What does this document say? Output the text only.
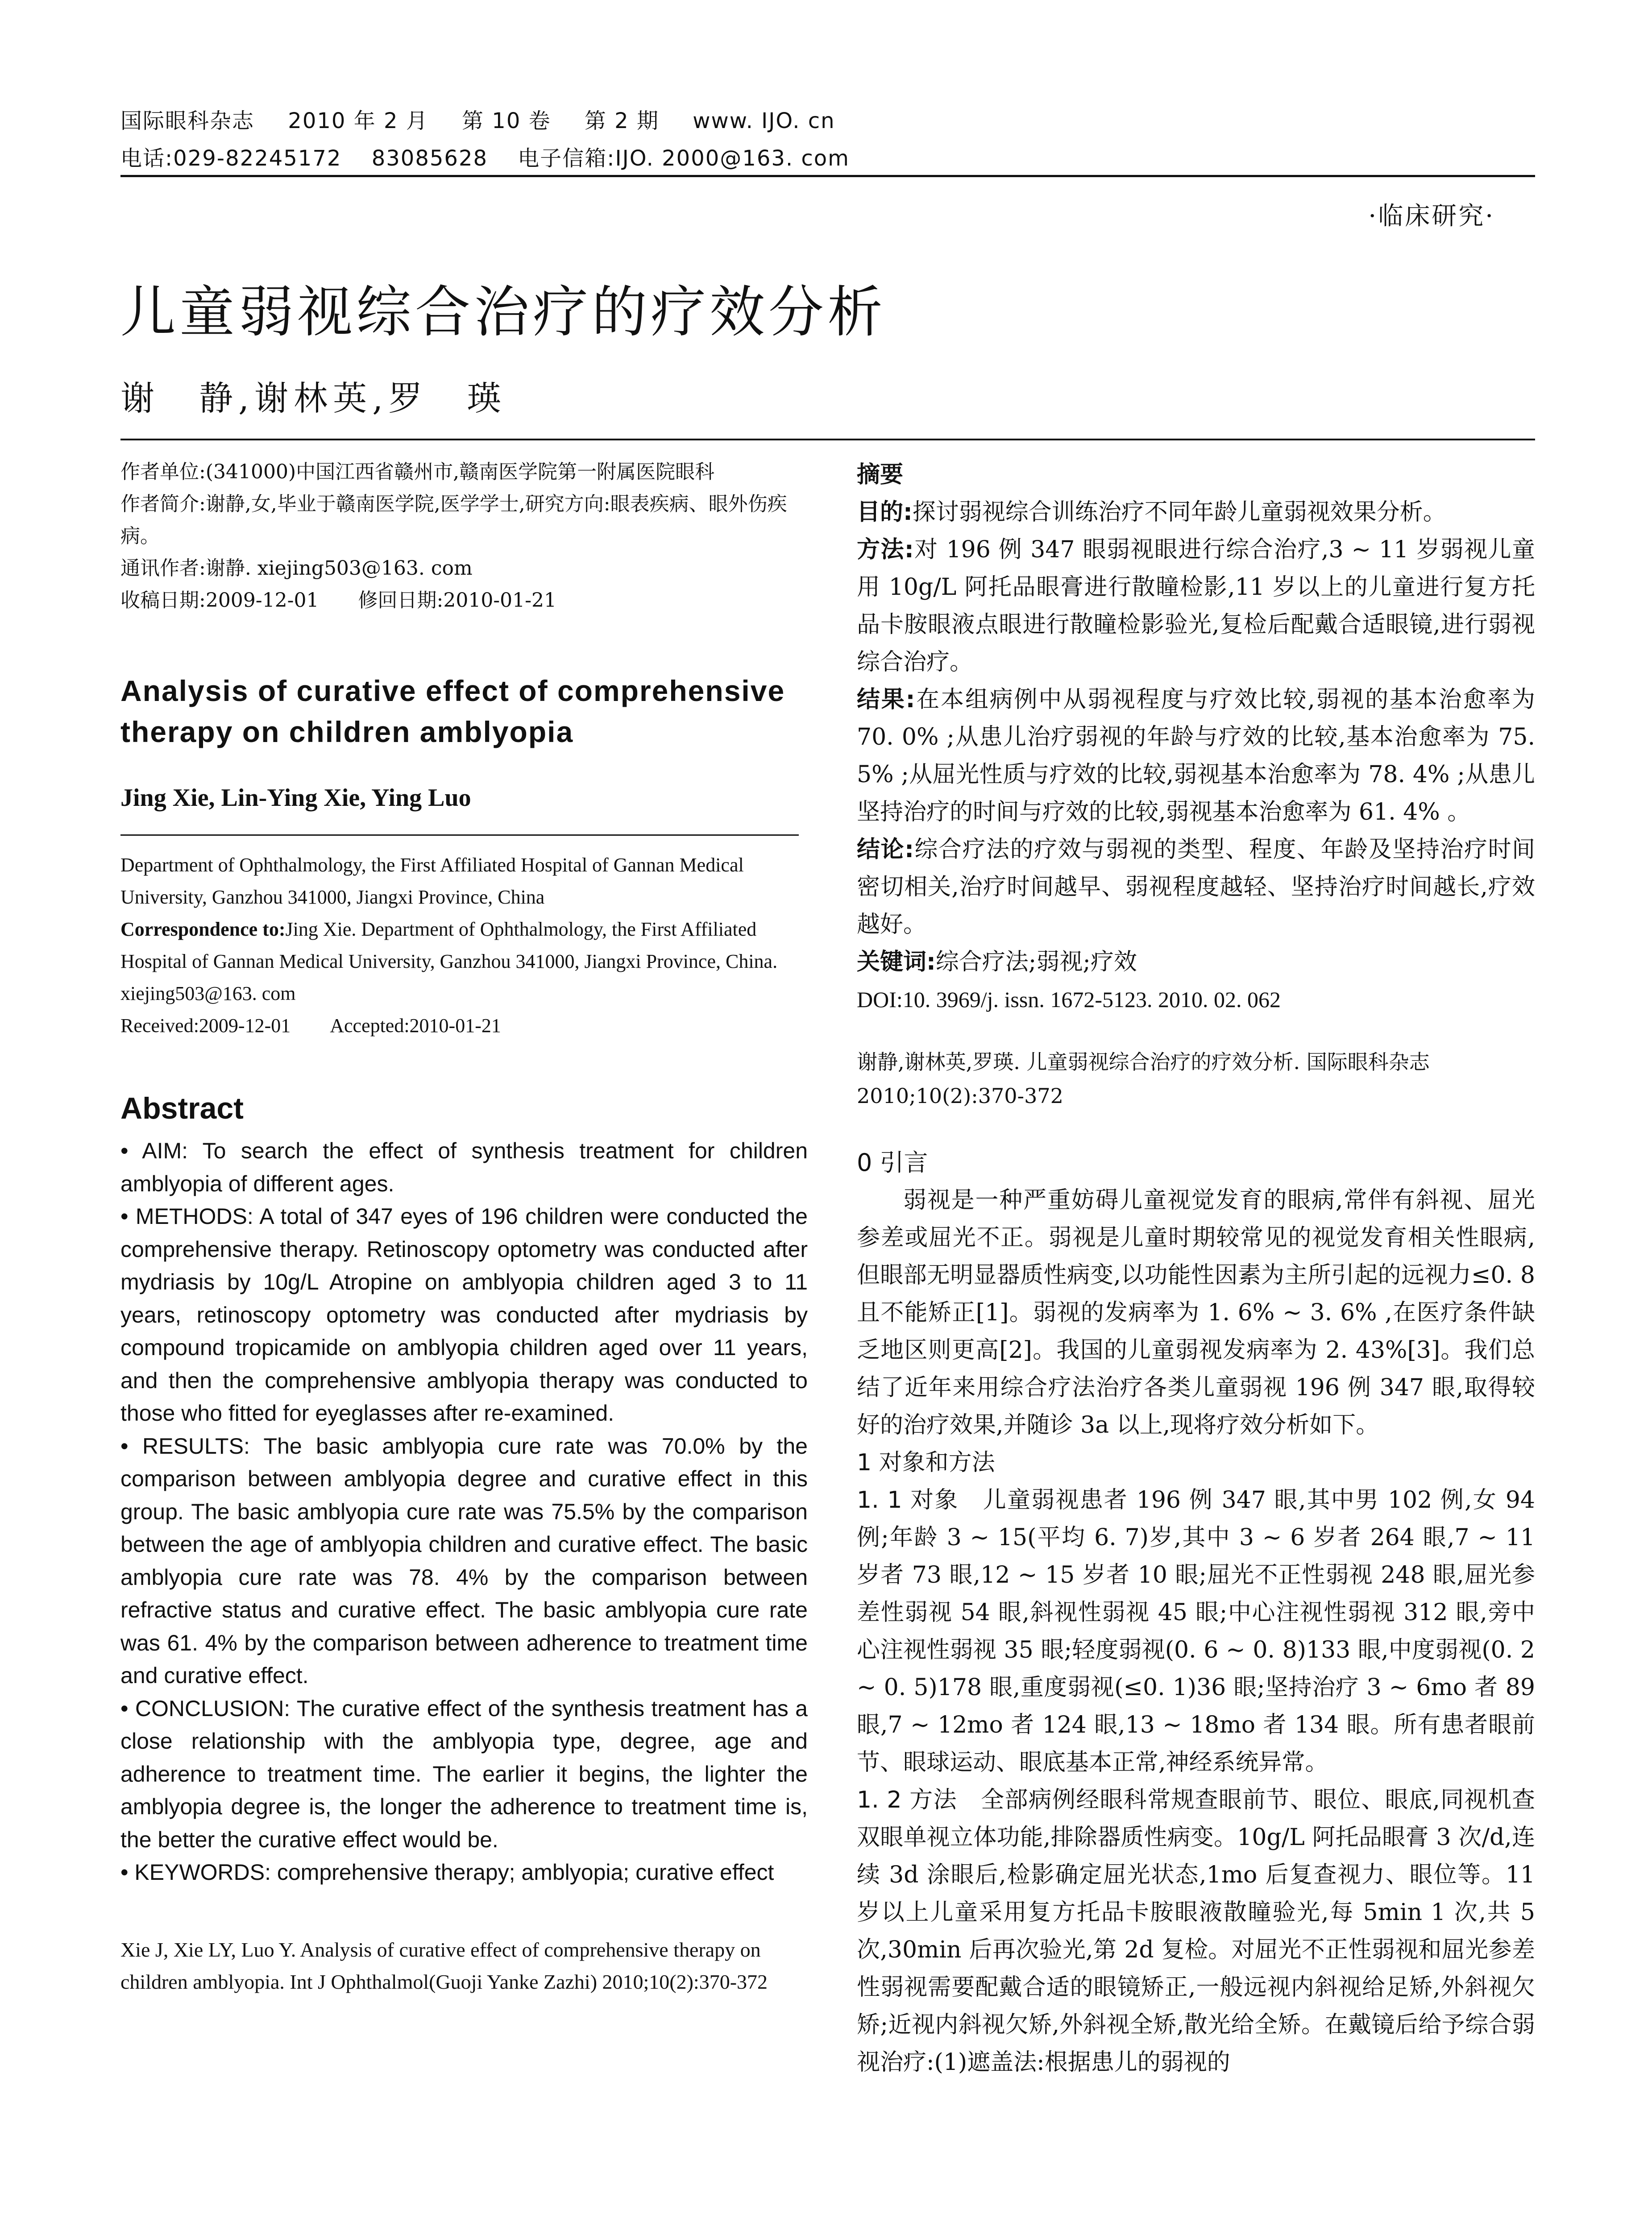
国际眼科杂志 2010 年 2 月 第 10 卷 第 2 期 www. IJO. cn
电话:029-82245172 83085628 电子信箱:IJO. 2000@163. com
·临床研究·
儿童弱视综合治疗的疗效分析
谢　静,谢林英,罗　瑛

作者单位:(341000)中国江西省赣州市,赣南医学院第一附属医院眼科

作者简介:谢静,女,毕业于赣南医学院,医学学士,研究方向:眼表疾病、眼外伤疾病。

通讯作者:谢静. xiejing503@163. com

收稿日期:2009-12-01　　修回日期:2010-01-21

Analysis of curative effect of comprehensive therapy on children amblyopia
Jing Xie, Lin-Ying Xie, Ying Luo

Department of Ophthalmology, the First Affiliated Hospital of Gannan Medical University, Ganzhou 341000, Jiangxi Province, China

Correspondence to:Jing Xie. Department of Ophthalmology, the First Affiliated Hospital of Gannan Medical University, Ganzhou 341000, Jiangxi Province, China. xiejing503@163. com

Received:2009-12-01　　Accepted:2010-01-21

Abstract

• AIM: To search the effect of synthesis treatment for children amblyopia of different ages.

• METHODS: A total of 347 eyes of 196 children were conducted the comprehensive therapy. Retinoscopy optometry was conducted after mydriasis by 10g/L Atropine on amblyopia children aged 3 to 11 years, retinoscopy optometry was conducted after mydriasis by compound tropicamide on amblyopia children aged over 11 years, and then the comprehensive amblyopia therapy was conducted to those who fitted for eyeglasses after re-examined.

• RESULTS: The basic amblyopia cure rate was 70.0% by the comparison between amblyopia degree and curative effect in this group. The basic amblyopia cure rate was 75.5% by the comparison between the age of amblyopia children and curative effect. The basic amblyopia cure rate was 78. 4% by the comparison between refractive status and curative effect. The basic amblyopia cure rate was 61. 4% by the comparison between adherence to treatment time and curative effect.

• CONCLUSION: The curative effect of the synthesis treatment has a close relationship with the amblyopia type, degree, age and adherence to treatment time. The earlier it begins, the lighter the amblyopia degree is, the longer the adherence to treatment time is, the better the curative effect would be.

• KEYWORDS: comprehensive therapy; amblyopia; curative effect

Xie J, Xie LY, Luo Y. Analysis of curative effect of comprehensive therapy on children amblyopia. Int J Ophthalmol(Guoji Yanke Zazhi) 2010;10(2):370-372
摘要

目的:探讨弱视综合训练治疗不同年龄儿童弱视效果分析。

方法:对 196 例 347 眼弱视眼进行综合治疗,3 ~ 11 岁弱视儿童用 10g/L 阿托品眼膏进行散瞳检影,11 岁以上的儿童进行复方托品卡胺眼液点眼进行散瞳检影验光,复检后配戴合适眼镜,进行弱视综合治疗。

结果:在本组病例中从弱视程度与疗效比较,弱视的基本治愈率为 70. 0% ;从患儿治疗弱视的年龄与疗效的比较,基本治愈率为 75. 5% ;从屈光性质与疗效的比较,弱视基本治愈率为 78. 4% ;从患儿坚持治疗的时间与疗效的比较,弱视基本治愈率为 61. 4% 。

结论:综合疗法的疗效与弱视的类型、程度、年龄及坚持治疗时间密切相关,治疗时间越早、弱视程度越轻、坚持治疗时间越长,疗效越好。

关键词:综合疗法;弱视;疗效

DOI:10. 3969/j. issn. 1672-5123. 2010. 02. 062

谢静,谢林英,罗瑛. 儿童弱视综合治疗的疗效分析. 国际眼科杂志 2010;10(2):370-372
0 引言

弱视是一种严重妨碍儿童视觉发育的眼病,常伴有斜视、屈光参差或屈光不正。弱视是儿童时期较常见的视觉发育相关性眼病,但眼部无明显器质性病变,以功能性因素为主所引起的远视力≤0. 8 且不能矫正[1]。弱视的发病率为 1. 6% ~ 3. 6% ,在医疗条件缺乏地区则更高[2]。我国的儿童弱视发病率为 2. 43%[3]。我们总结了近年来用综合疗法治疗各类儿童弱视 196 例 347 眼,取得较好的治疗效果,并随诊 3a 以上,现将疗效分析如下。

1 对象和方法

1. 1 对象　 儿童弱视患者 196 例 347 眼,其中男 102 例,女 94 例;年龄 3 ~ 15(平均 6. 7)岁,其中 3 ~ 6 岁者 264 眼,7 ~ 11 岁者 73 眼,12 ~ 15 岁者 10 眼;屈光不正性弱视 248 眼,屈光参差性弱视 54 眼,斜视性弱视 45 眼;中心注视性弱视 312 眼,旁中心注视性弱视 35 眼;轻度弱视(0. 6 ~ 0. 8)133 眼,中度弱视(0. 2 ~ 0. 5)178 眼,重度弱视(≤0. 1)36 眼;坚持治疗 3 ~ 6mo 者 89 眼,7 ~ 12mo 者 124 眼,13 ~ 18mo 者 134 眼。所有患者眼前节、眼球运动、眼底基本正常,神经系统异常。

1. 2 方法　 全部病例经眼科常规查眼前节、眼位、眼底,同视机查双眼单视立体功能,排除器质性病变。10g/L 阿托品眼膏 3 次/d,连续 3d 涂眼后,检影确定屈光状态,1mo 后复查视力、眼位等。11 岁以上儿童采用复方托品卡胺眼液散瞳验光,每 5min 1 次,共 5 次,30min 后再次验光,第 2d 复检。对屈光不正性弱视和屈光参差性弱视需要配戴合适的眼镜矫正,一般远视内斜视给足矫,外斜视欠矫;近视内斜视欠矫,外斜视全矫,散光给全矫。在戴镜后给予综合弱视治疗:(1)遮盖法:根据患儿的弱视的
